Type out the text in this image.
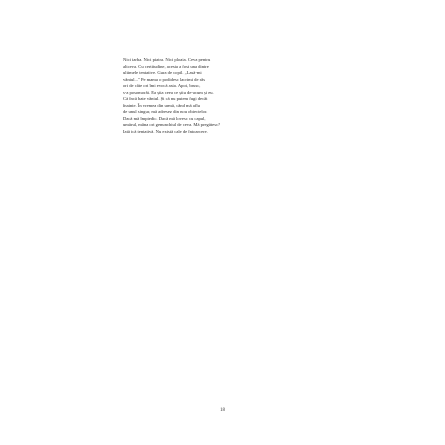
Nici iarba. Nici piatra. Nici ploaia. Ceva pentru
altceva. Cu certitudine, acesta a fost una dintre
ultimele tentative. Gura de copil. „Lasă-mi
vântul..." Pe mama o podidesc lacrimi de râs
ori de câte ori îmi evocă asta. Apoi, brusc,
s-a posomorât. Ea știa ceea ce știu de-acum și eu.
Că încă bate vântul. Și că nu putem fugi decât
înainte. În vremea din urmă, când mă aflu
de unul singur, mă adresez din nou obiectelor.
Dacă mă împiedic. Dacă mă lovesc cu capul,
umărul, mâna ori genunchiul de ceva. Mă pregătesc?
Iată ică tentativă. Nu există cale de întoarcere.
18
